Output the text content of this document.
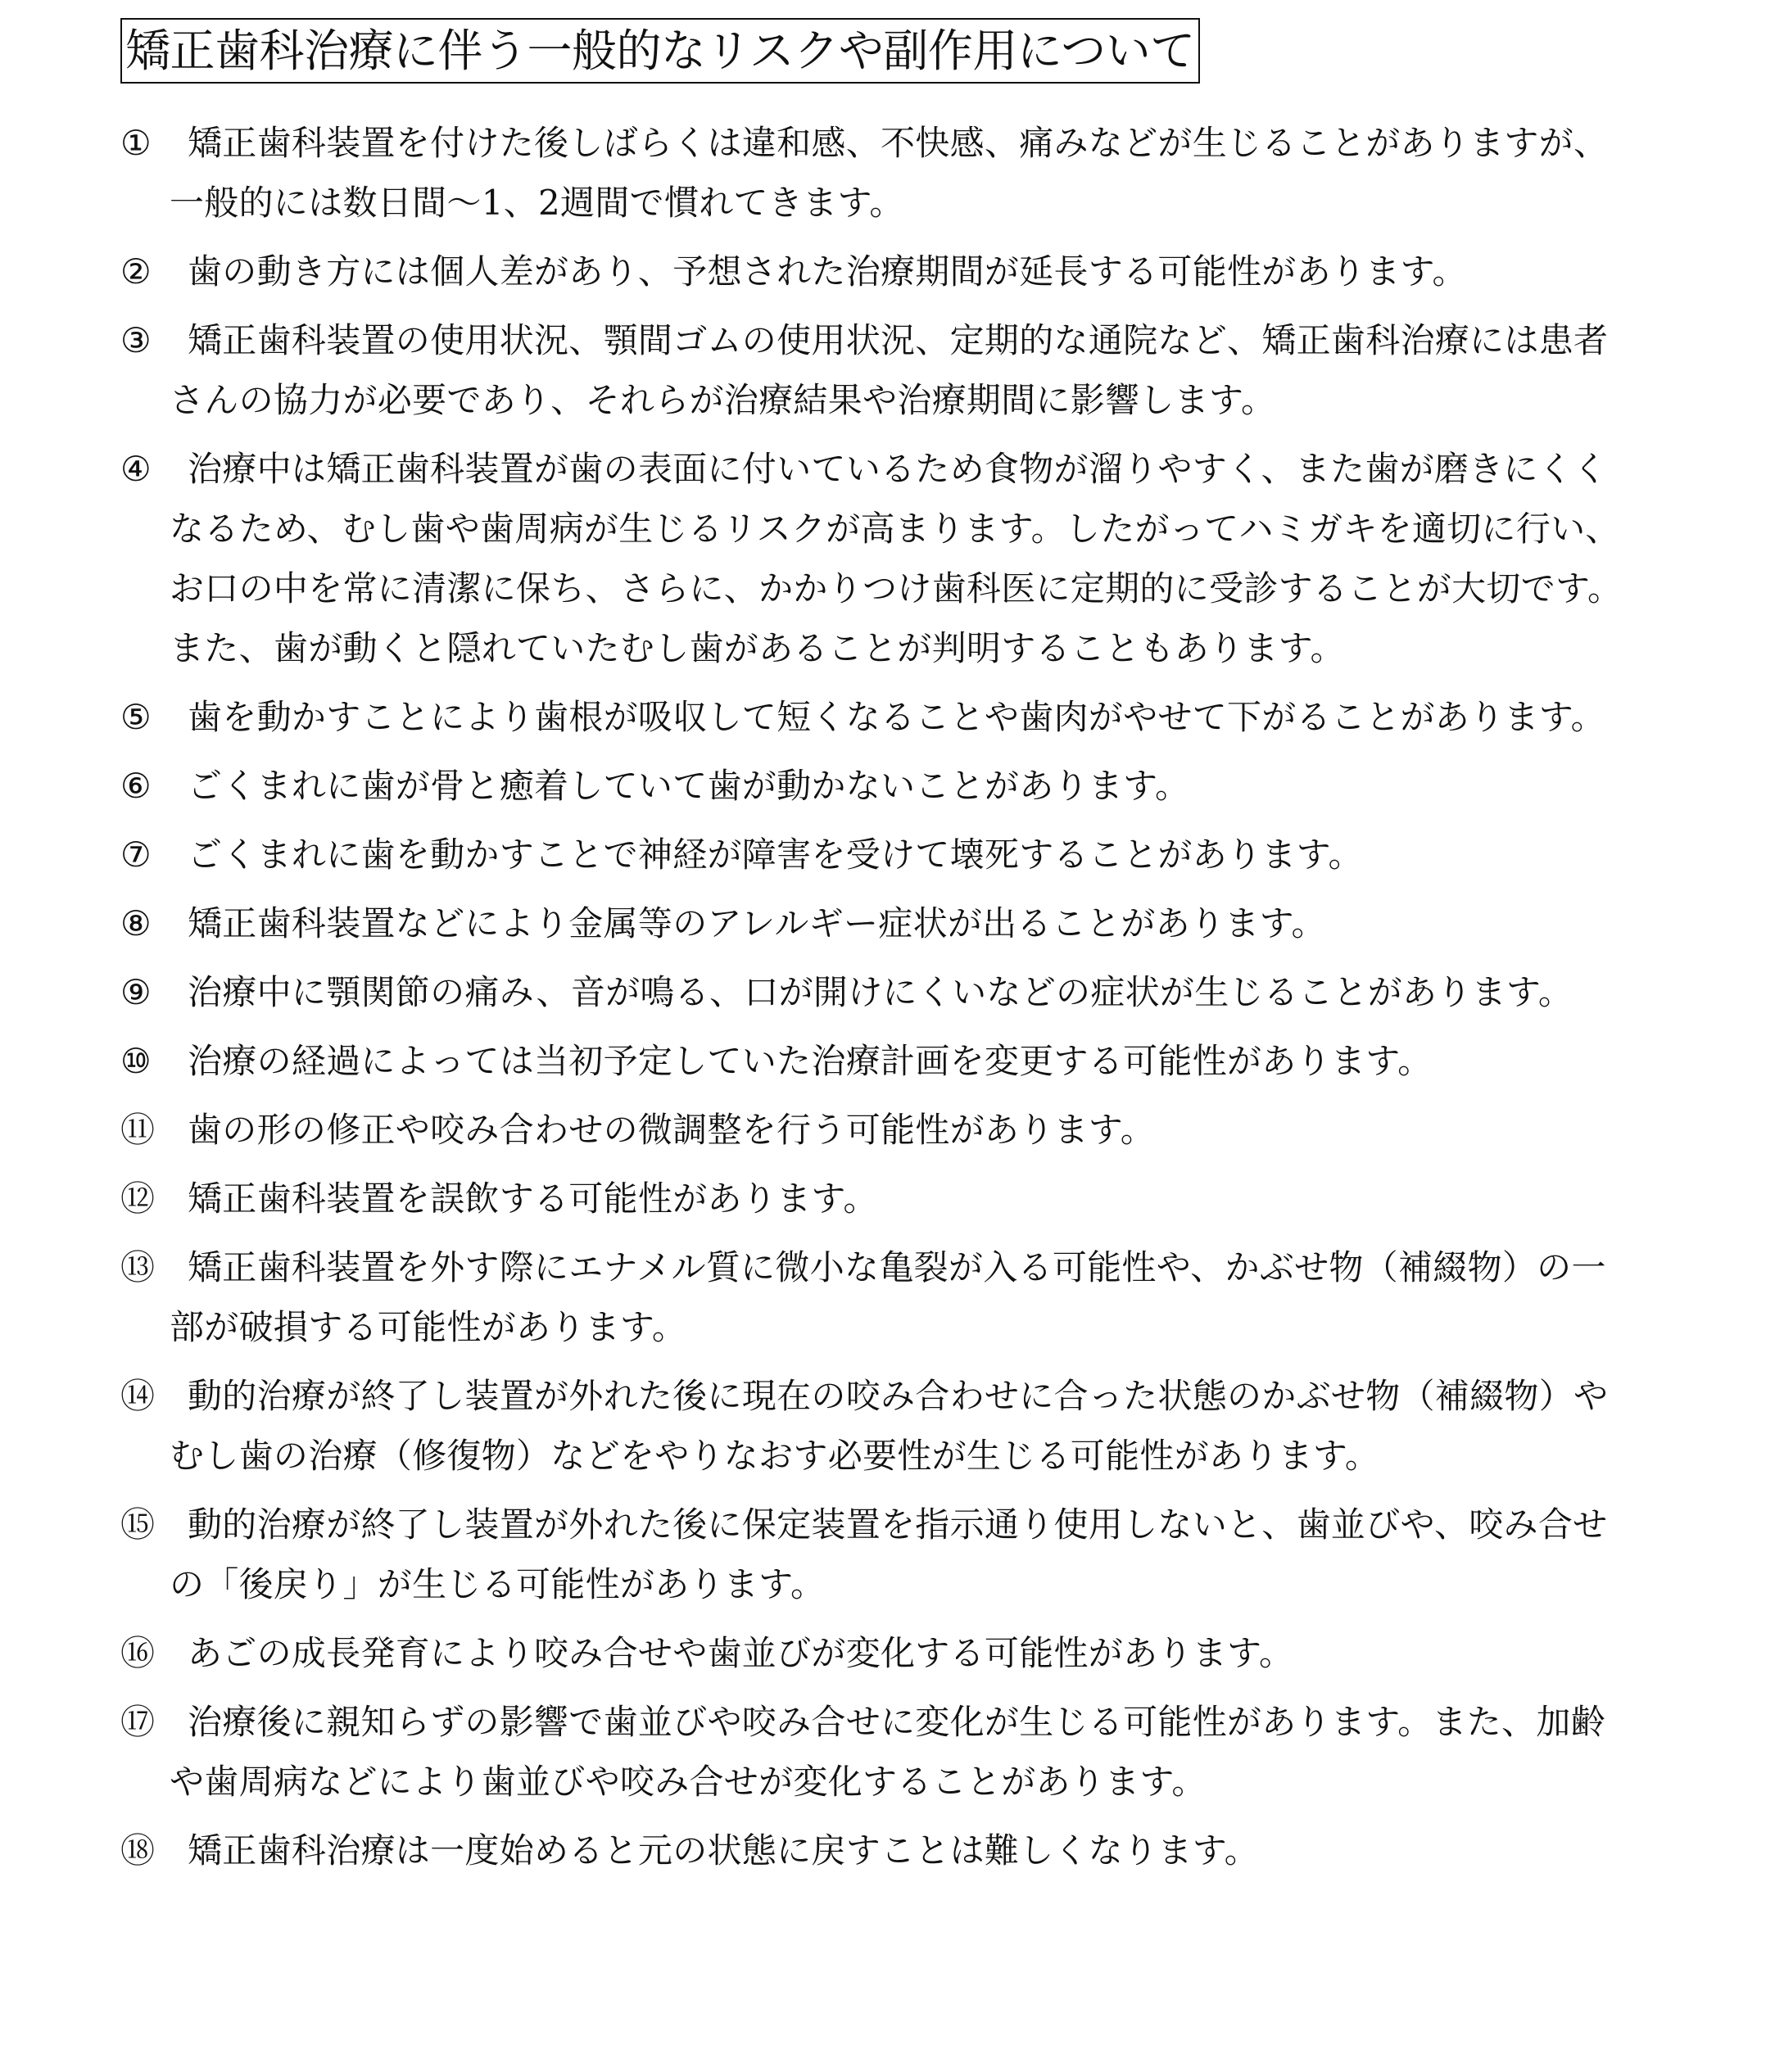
矯正歯科治療に伴う一般的なリスクや副作用について
①	矯正歯科装置を付けた後しばらくは違和感、不快感、痛みなどが生じることがありますが、
一般的には数日間～1、2週間で慣れてきます。
②	歯の動き方には個人差があり、予想された治療期間が延長する可能性があります。
③	矯正歯科装置の使用状況、顎間ゴムの使用状況、定期的な通院など、矯正歯科治療には患者
さんの協力が必要であり、それらが治療結果や治療期間に影響します。
④	治療中は矯正歯科装置が歯の表面に付いているため食物が溜りやすく、また歯が磨きにくく
なるため、むし歯や歯周病が生じるリスクが高まります。したがってハミガキを適切に行い、
お口の中を常に清潔に保ち、さらに、かかりつけ歯科医に定期的に受診することが大切です。
また、歯が動くと隠れていたむし歯があることが判明することもあります。
⑤	歯を動かすことにより歯根が吸収して短くなることや歯肉がやせて下がることがあります。
⑥	ごくまれに歯が骨と癒着していて歯が動かないことがあります。
⑦	ごくまれに歯を動かすことで神経が障害を受けて壊死することがあります。
⑧	矯正歯科装置などにより金属等のアレルギー症状が出ることがあります。
⑨	治療中に顎関節の痛み、音が鳴る、口が開けにくいなどの症状が生じることがあります。
⑩	治療の経過によっては当初予定していた治療計画を変更する可能性があります。
⑪ 歯の形の修正や咬み合わせの微調整を行う可能性があります。
⑫ 矯正歯科装置を誤飲する可能性があります。
⑬ 矯正歯科装置を外す際にエナメル質に微小な亀裂が入る可能性や、かぶせ物（補綴物）の一
部が破損する可能性があります。
⑭ 動的治療が終了し装置が外れた後に現在の咬み合わせに合った状態のかぶせ物（補綴物）や
むし歯の治療（修復物）などをやりなおす必要性が生じる可能性があります。
⑮ 動的治療が終了し装置が外れた後に保定装置を指示通り使用しないと、歯並びや、咬み合せ
の「後戻り」が生じる可能性があります。
⑯ あごの成長発育により咬み合せや歯並びが変化する可能性があります。
⑰ 治療後に親知らずの影響で歯並びや咬み合せに変化が生じる可能性があります。また、加齢
や歯周病などにより歯並びや咬み合せが変化することがあります。
⑱ 矯正歯科治療は一度始めると元の状態に戻すことは難しくなります。
